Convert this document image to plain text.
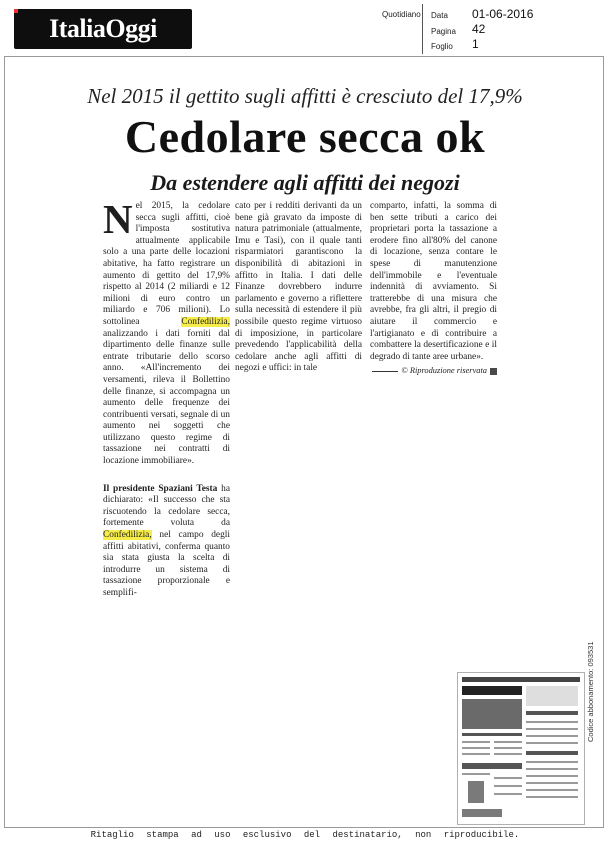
ItaliaOggi	Quotidiano Data 01-06-2016
Pagina 42
Foglio 1
Nel 2015 il gettito sugli affitti è cresciuto del 17,9%
Cedolare secca ok
Da estendere agli affitti dei negozi

Nel 2015, la cedolare secca sugli affitti, cioè l'imposta sostitutiva attualmente applicabile solo a una parte delle locazioni abitative, ha fatto registrare un aumento di gettito del 17,9% rispetto al 2014 (2 miliardi e 12 milioni di euro contro un miliardo e 706 milioni). Lo sottolinea Confedilizia, analizzando i dati forniti dal dipartimento delle finanze sulle entrate tributarie dello scorso anno. «All'incremento dei versamenti, rileva il Bollettino delle finanze, si accompagna un aumento delle frequenze dei contribuenti versati, segnale di un aumento nei soggetti che utilizzano questo regime di tassazione nei contratti di locazione immobiliare».

Il presidente Spaziani Testa ha dichiarato: «Il successo che sta riscuotendo la cedolare secca, fortemente voluta da Confedilizia, nel campo degli affitti abitativi, conferma quanto sia stata giusta la scelta di introdurre un sistema di tassazione proporzionale e semplifi-

cato per i redditi derivanti da un bene già gravato da imposte di natura patrimoniale (attualmente, Imu e Tasi), con il quale tanti risparmiatori garantiscono la disponibilità di abitazioni in affitto in Italia. I dati delle Finanze dovrebbero indurre parlamento e governo a riflettere sulla necessità di estendere il più possibile questo regime virtuoso di imposizione, in particolare prevedendo l'applicabilità della cedolare anche agli affitti di negozi e uffici: in tale

comparto, infatti, la somma di ben sette tributi a carico dei proprietari porta la tassazione a erodere fino all'80% del canone di locazione, senza contare le spese di manutenzione dell'immobile e l'eventuale indennità di avviamento. Si tratterebbe di una misura che avrebbe, fra gli altri, il pregio di aiutare il commercio e l'artigianato e di contribuire a combattere la desertificazione e il degrado di tante aree urbane».

© Riproduzione riservata

Codice abbonamento: 093531
Ritaglio stampa ad uso esclusivo del destinatario, non riproducibile.
